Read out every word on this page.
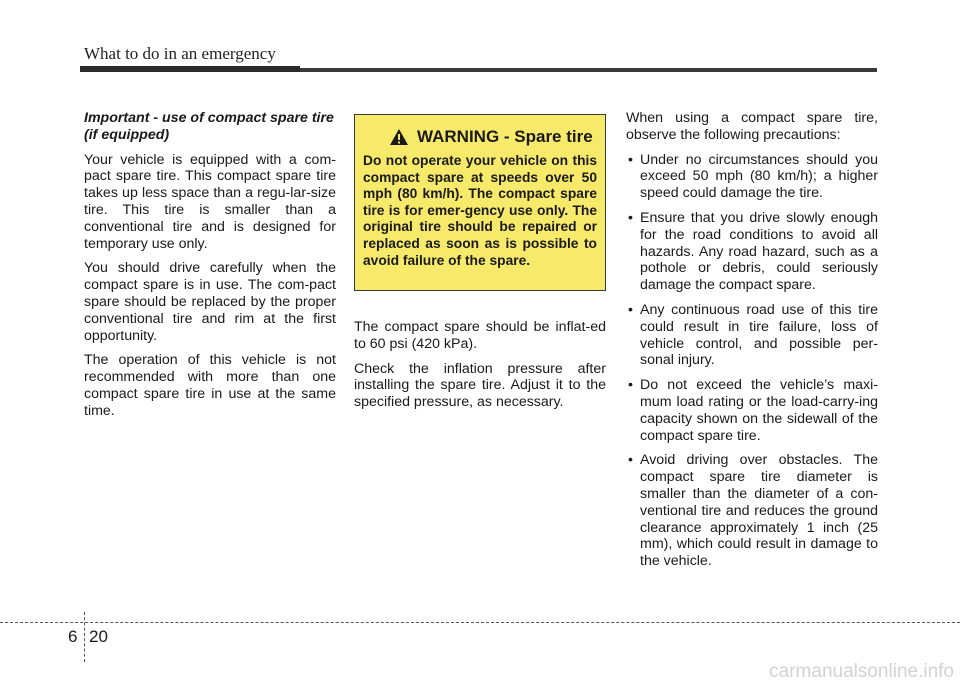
What to do in an emergency
Important - use of compact spare tire (if equipped)

Your vehicle is equipped with a com-pact spare tire. This compact spare tire takes up less space than a regu-lar-size tire. This tire is smaller than a conventional tire and is designed for temporary use only.

You should drive carefully when the compact spare is in use. The com-pact spare should be replaced by the proper conventional tire and rim at the first opportunity.

The operation of this vehicle is not recommended with more than one compact spare tire in use at the same time.

WARNING - Spare tire
Do not operate your vehicle on this compact spare at speeds over 50 mph (80 km/h). The compact spare tire is for emer-gency use only. The original tire should be repaired or replaced as soon as is possible to avoid failure of the spare.

The compact spare should be inflat-ed to 60 psi (420 kPa).

Check the inflation pressure after installing the spare tire. Adjust it to the specified pressure, as necessary.

When using a compact spare tire, observe the following precautions:

• Under no circumstances should you exceed 50 mph (80 km/h); a higher speed could damage the tire.
• Ensure that you drive slowly enough for the road conditions to avoid all hazards. Any road hazard, such as a pothole or debris, could seriously damage the compact spare.
• Any continuous road use of this tire could result in tire failure, loss of vehicle control, and possible per-sonal injury.
• Do not exceed the vehicle’s maxi-mum load rating or the load-carry-ing capacity shown on the sidewall of the compact spare tire.
• Avoid driving over obstacles. The compact spare tire diameter is smaller than the diameter of a con-ventional tire and reduces the ground clearance approximately 1 inch (25 mm), which could result in damage to the vehicle.
6 20
carmanualsonline.info
